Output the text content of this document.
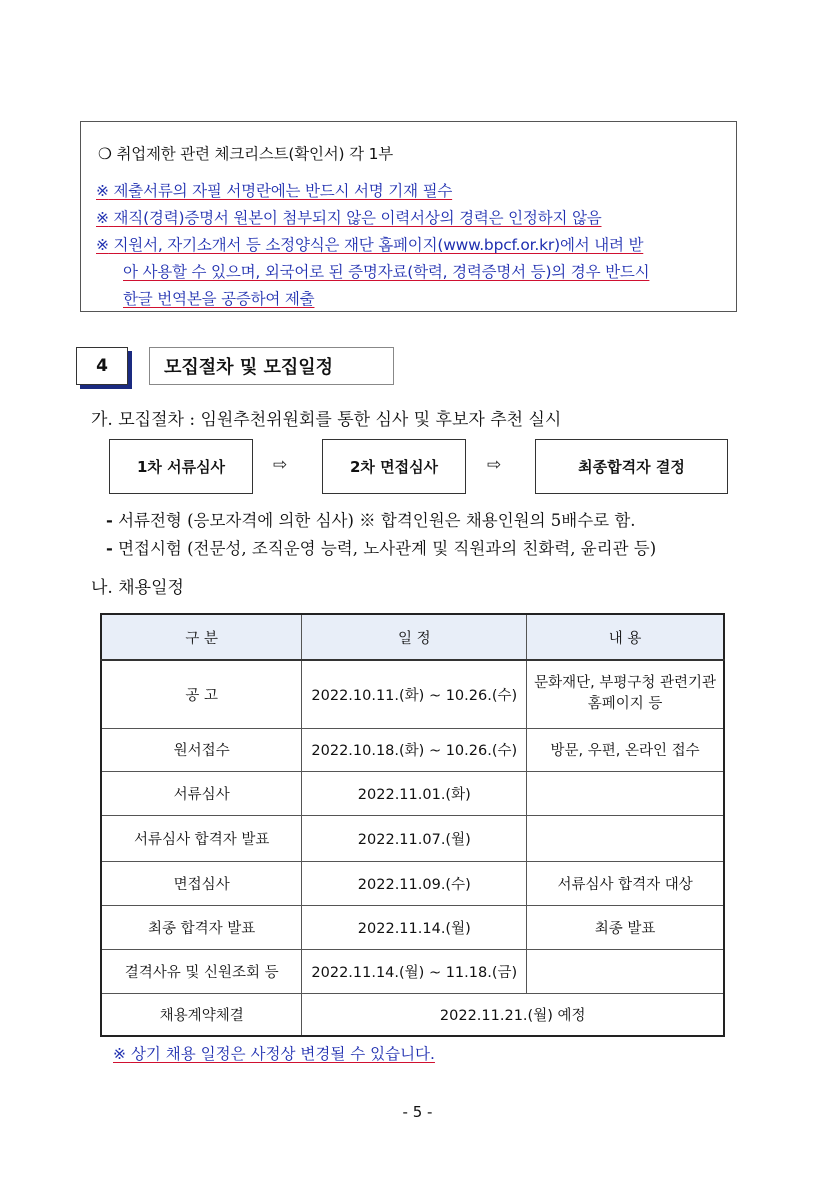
❍ 취업제한 관련 체크리스트(확인서) 각 1부
※ 제출서류의 자필 서명란에는 반드시 서명 기재 필수
※ 재직(경력)증명서 원본이 첨부되지 않은 이력서상의 경력은 인정하지 않음
※ 지원서, 자기소개서 등 소정양식은 재단 홈페이지(www.bpcf.or.kr)에서 내려 받
아 사용할 수 있으며, 외국어로 된 증명자료(학력, 경력증명서 등)의 경우 반드시
한글 번역본을 공증하여 제출
4	모집절차 및 모집일정
가. 모집절차 : 임원추천위원회를 통한 심사 및 후보자 추천 실시
1차 서류심사	⇨	2차 면접심사	⇨	최종합격자 결정
- 서류전형 (응모자격에 의한 심사) ※ 합격인원은 채용인원의 5배수로 함.
- 면접시험 (전문성, 조직운영 능력, 노사관계 및 직원과의 친화력, 윤리관 등)
나. 채용일정
구 분	일 정	내 용
공 고	2022.10.11.(화) ~ 10.26.(수)	문화재단, 부평구청 관련기관 홈페이지 등
원서접수	2022.10.18.(화) ~ 10.26.(수)	방문, 우편, 온라인 접수
서류심사	2022.11.01.(화)	
서류심사 합격자 발표	2022.11.07.(월)	
면접심사	2022.11.09.(수)	서류심사 합격자 대상
최종 합격자 발표	2022.11.14.(월)	최종 발표
결격사유 및 신원조회 등	2022.11.14.(월) ~ 11.18.(금)	
채용계약체결	2022.11.21.(월) 예정	
※ 상기 채용 일정은 사정상 변경될 수 있습니다.
- 5 -
